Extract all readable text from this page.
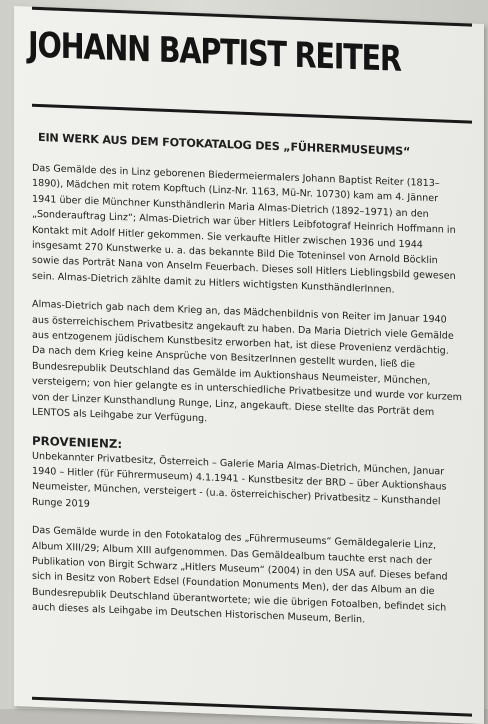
JOHANN BAPTIST REITER
EIN WERK AUS DEM FOTOKATALOG DES „FÜHRERMUSEUMS“

Das Gemälde des in Linz geborenen Biedermeiermalers Johann Baptist Reiter (1813–1890), Mädchen mit rotem Kopftuch (Linz-Nr. 1163, Mü-Nr. 10730) kam am 4. Jänner 1941 über die Münchner Kunsthändlerin Maria Almas-Dietrich (1892–1971) an den „Sonderauftrag Linz“; Almas-Dietrich war über Hitlers Leibfotograf Heinrich Hoffmann in Kontakt mit Adolf Hitler gekommen. Sie verkaufte Hitler zwischen 1936 und 1944 insgesamt 270 Kunstwerke u. a. das bekannte Bild Die Toteninsel von Arnold Böcklin sowie das Porträt Nana von Anselm Feuerbach. Dieses soll Hitlers Lieblingsbild gewesen sein. Almas-Dietrich zählte damit zu Hitlers wichtigsten KunsthändlerInnen.

Almas-Dietrich gab nach dem Krieg an, das Mädchenbildnis von Reiter im Januar 1940 aus österreichischem Privatbesitz angekauft zu haben. Da Maria Dietrich viele Gemälde aus entzogenem jüdischem Kunstbesitz erworben hat, ist diese Provenienz verdächtig. Da nach dem Krieg keine Ansprüche von BesitzerInnen gestellt wurden, ließ die Bundesrepublik Deutschland das Gemälde im Auktionshaus Neumeister, München, versteigern; von hier gelangte es in unterschiedliche Privatbesitze und wurde vor kurzem von der Linzer Kunsthandlung Runge, Linz, angekauft. Diese stellte das Porträt dem LENTOS als Leihgabe zur Verfügung.

PROVENIENZ:

Unbekannter Privatbesitz, Österreich – Galerie Maria Almas-Dietrich, München, Januar 1940 – Hitler (für Führermuseum) 4.1.1941 - Kunstbesitz der BRD – über Auktionshaus Neumeister, München, versteigert - (u.a. österreichischer) Privatbesitz – Kunsthandel Runge 2019

Das Gemälde wurde in den Fotokatalog des „Führermuseums“ Gemäldegalerie Linz, Album XIII/29; Album XIII aufgenommen. Das Gemäldealbum tauchte erst nach der Publikation von Birgit Schwarz „Hitlers Museum“ (2004) in den USA auf. Dieses befand sich in Besitz von Robert Edsel (Foundation Monuments Men), der das Album an die Bundesrepublik Deutschland überantwortete; wie die übrigen Fotoalben, befindet sich auch dieses als Leihgabe im Deutschen Historischen Museum, Berlin.
